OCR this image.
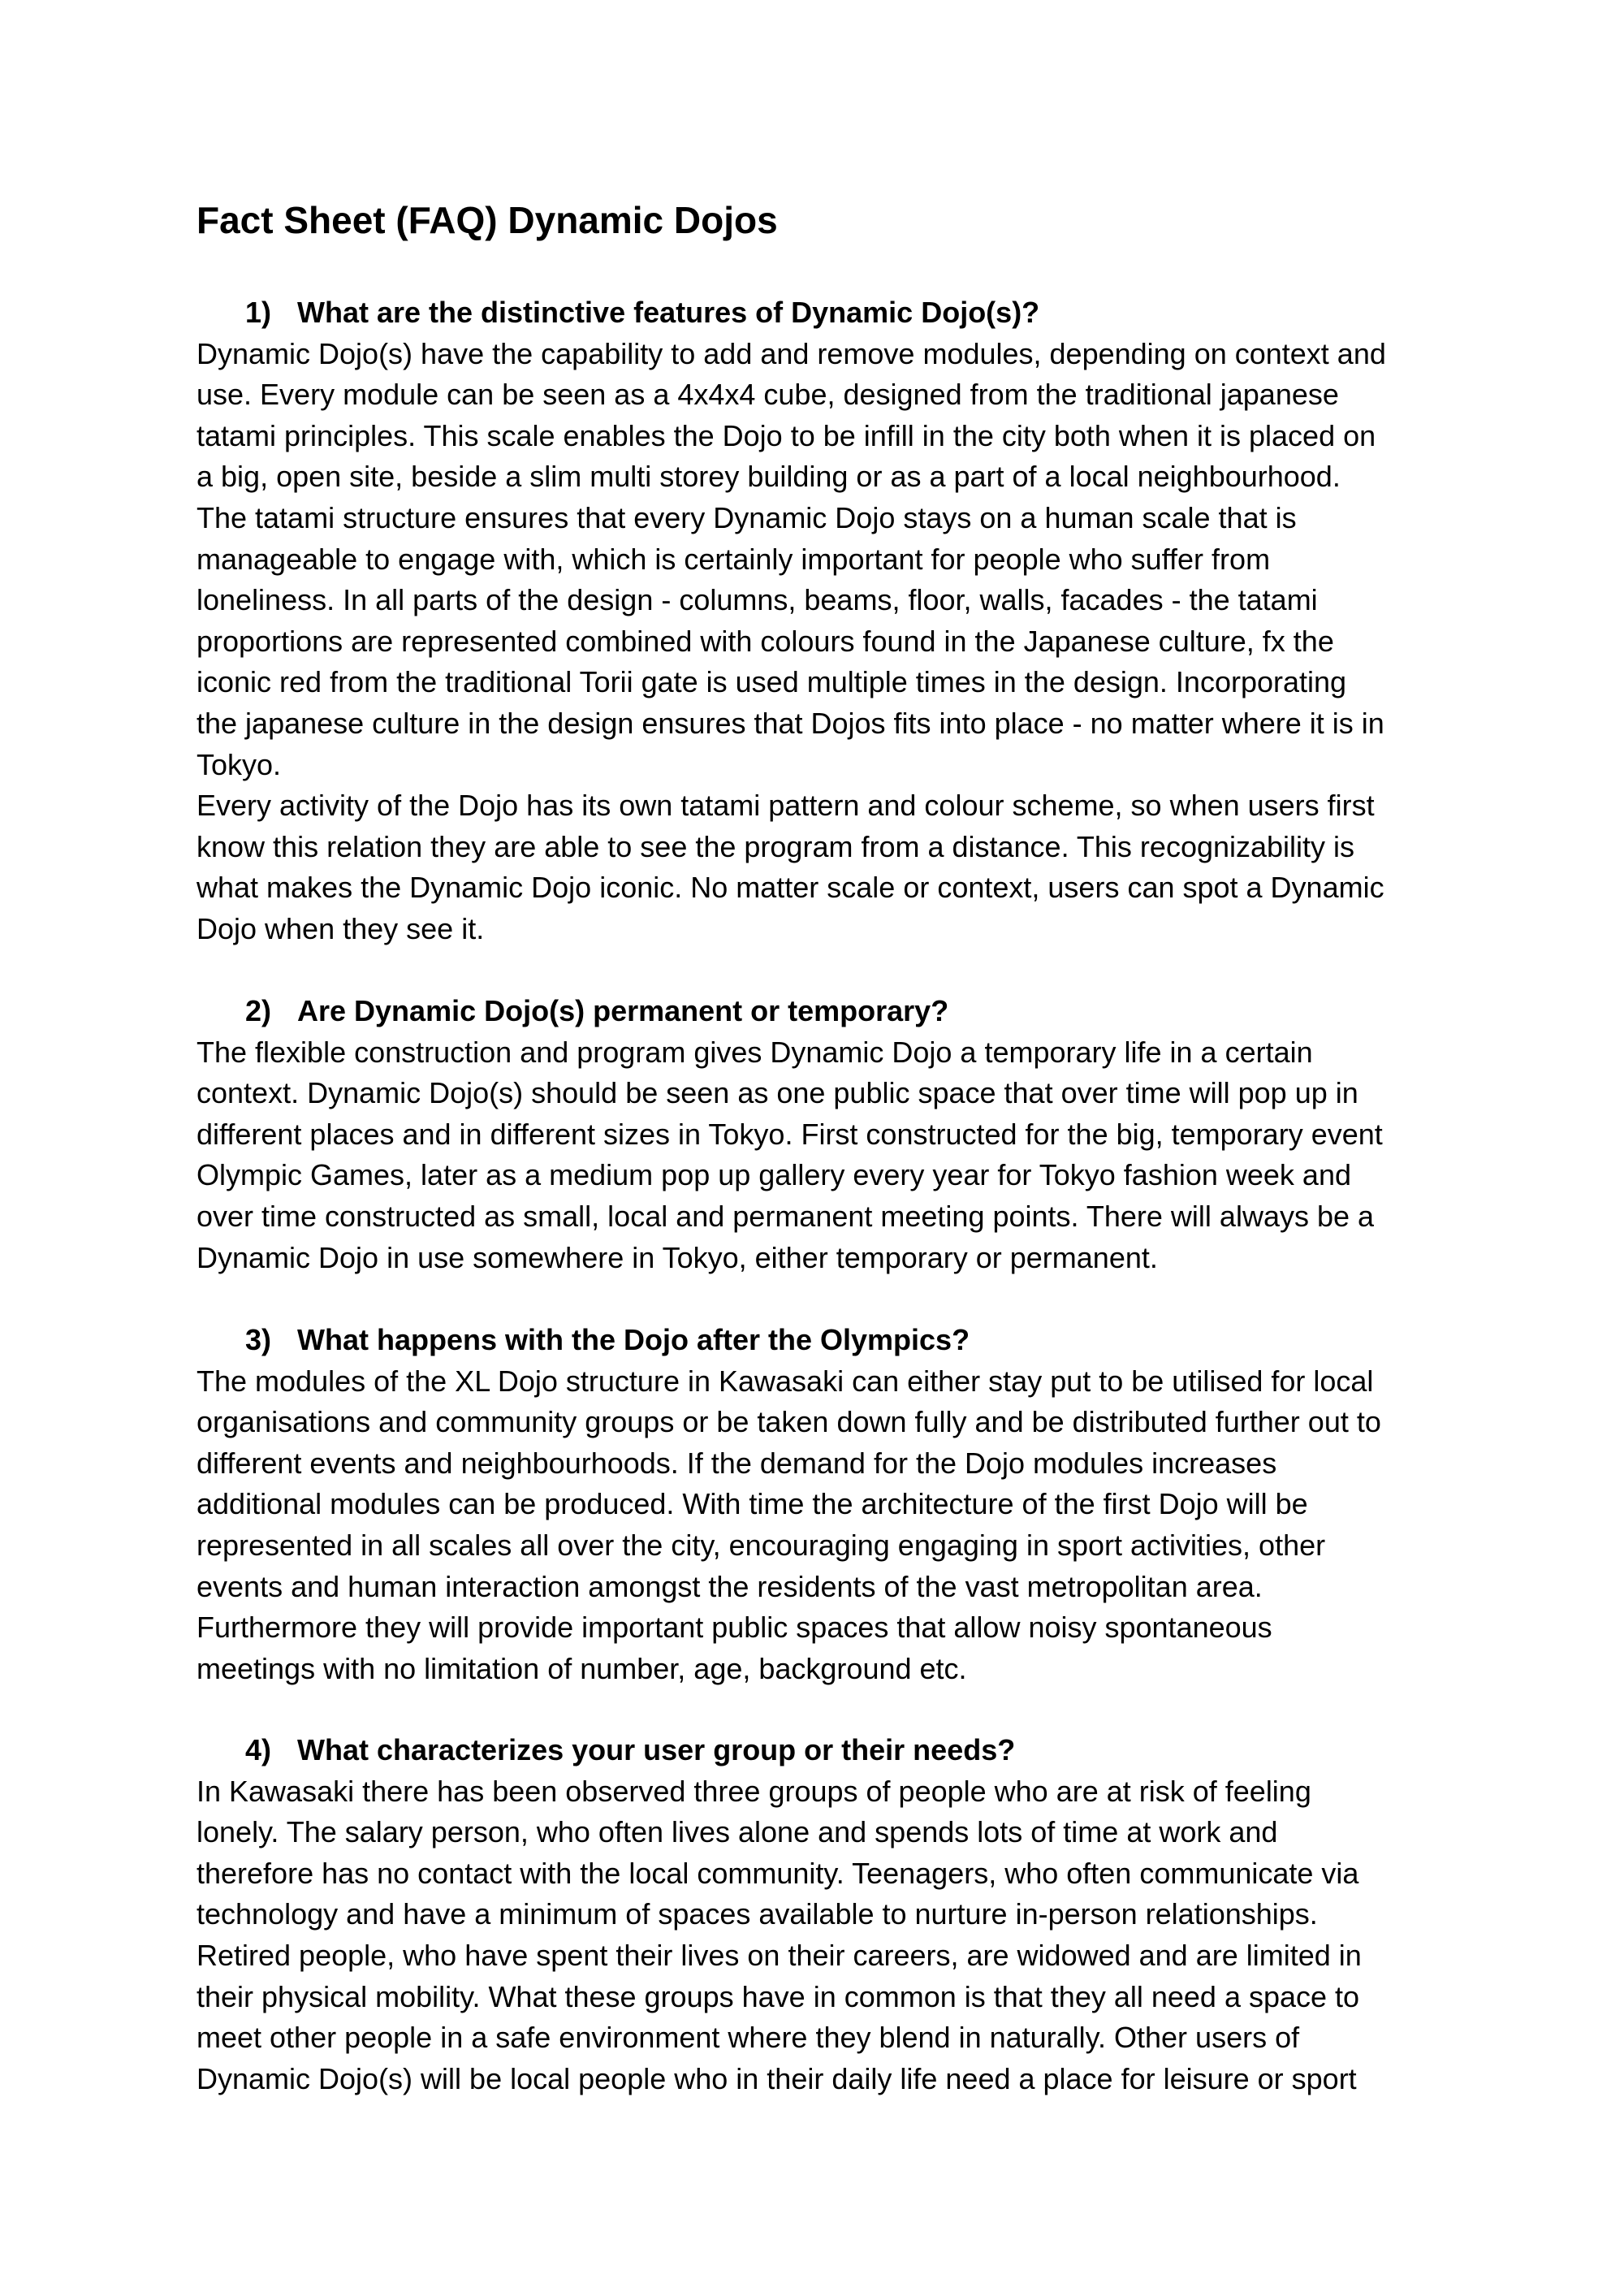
Fact Sheet (FAQ) Dynamic Dojos
1) What are the distinctive features of Dynamic Dojo(s)?

Dynamic Dojo(s) have the capability to add and remove modules, depending on context and
use. Every module can be seen as a 4x4x4 cube, designed from the traditional japanese
tatami principles. This scale enables the Dojo to be infill in the city both when it is placed on
a big, open site, beside a slim multi storey building or as a part of a local neighbourhood.
The tatami structure ensures that every Dynamic Dojo stays on a human scale that is
manageable to engage with, which is certainly important for people who suffer from
loneliness. In all parts of the design - columns, beams, floor, walls, facades - the tatami
proportions are represented combined with colours found in the Japanese culture, fx the
iconic red from the traditional Torii gate is used multiple times in the design. Incorporating
the japanese culture in the design ensures that Dojos fits into place - no matter where it is in
Tokyo.
Every activity of the Dojo has its own tatami pattern and colour scheme, so when users first
know this relation they are able to see the program from a distance. This recognizability is
what makes the Dynamic Dojo iconic. No matter scale or context, users can spot a Dynamic
Dojo when they see it.

2) Are Dynamic Dojo(s) permanent or temporary?

The flexible construction and program gives Dynamic Dojo a temporary life in a certain
context. Dynamic Dojo(s) should be seen as one public space that over time will pop up in
different places and in different sizes in Tokyo. First constructed for the big, temporary event
Olympic Games, later as a medium pop up gallery every year for Tokyo fashion week and
over time constructed as small, local and permanent meeting points. There will always be a
Dynamic Dojo in use somewhere in Tokyo, either temporary or permanent.

3) What happens with the Dojo after the Olympics?

The modules of the XL Dojo structure in Kawasaki can either stay put to be utilised for local
organisations and community groups or be taken down fully and be distributed further out to
different events and neighbourhoods. If the demand for the Dojo modules increases
additional modules can be produced. With time the architecture of the first Dojo will be
represented in all scales all over the city, encouraging engaging in sport activities, other
events and human interaction amongst the residents of the vast metropolitan area.
Furthermore they will provide important public spaces that allow noisy spontaneous
meetings with no limitation of number, age, background etc.

4) What characterizes your user group or their needs?

In Kawasaki there has been observed three groups of people who are at risk of feeling
lonely. The salary person, who often lives alone and spends lots of time at work and
therefore has no contact with the local community. Teenagers, who often communicate via
technology and have a minimum of spaces available to nurture in-person relationships.
Retired people, who have spent their lives on their careers, are widowed and are limited in
their physical mobility. What these groups have in common is that they all need a space to
meet other people in a safe environment where they blend in naturally. Other users of
Dynamic Dojo(s) will be local people who in their daily life need a place for leisure or sport
